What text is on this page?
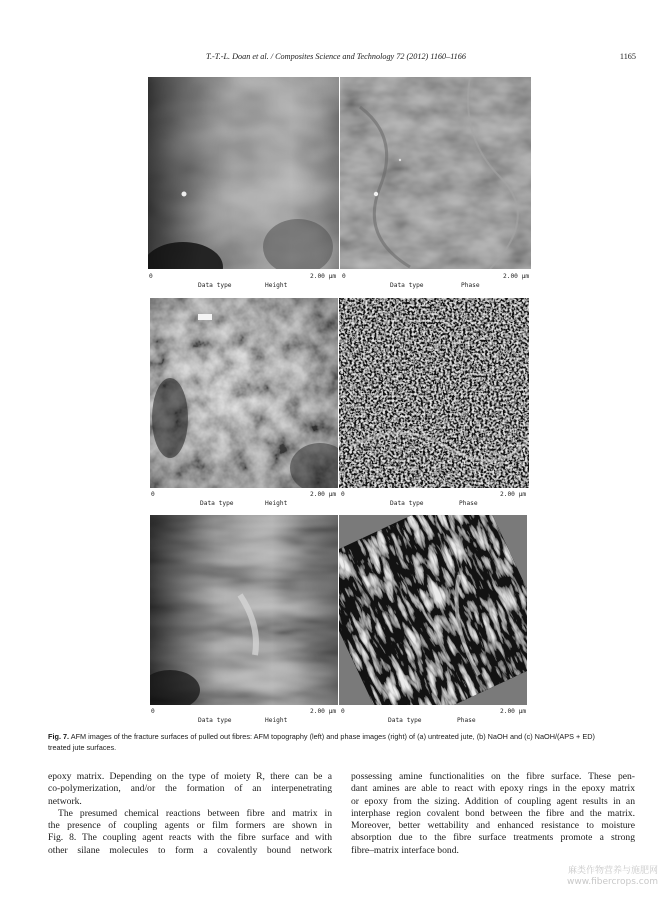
T.-T.-L. Doan et al. / Composites Science and Technology 72 (2012) 1160–1166	1165
0	2.00 µm 0	2.00 µm
Data type	Height	Data type	Phase
0	2.00 µm 0	2.00 µm
Data type	Height	Data type	Phase
0	2.00 µm 0	2.00 µm
Data type	Height	Data type	Phase
Fig. 7. AFM images of the fracture surfaces of pulled out fibres: AFM topography (left) and phase images (right) of (a) untreated jute, (b) NaOH and (c) NaOH/(APS + ED)
treated jute surfaces.

epoxy matrix. Depending on the type of moiety R, there can be a
co-polymerization, and/or the formation of an interpenetrating
network.

The presumed chemical reactions between fibre and matrix in
the presence of coupling agents or film formers are shown in
Fig. 8. The coupling agent reacts with the fibre surface and with
other silane molecules to form a covalently bound network

possessing amine functionalities on the fibre surface. These pen-
dant amines are able to react with epoxy rings in the epoxy matrix
or epoxy from the sizing. Addition of coupling agent results in an
interphase region covalent bond between the fibre and the matrix.
Moreover, better wettability and enhanced resistance to moisture
absorption due to the fibre surface treatments promote a strong
fibre–matrix interface bond.

麻类作物营养与施肥网
www.fibercrops.com
